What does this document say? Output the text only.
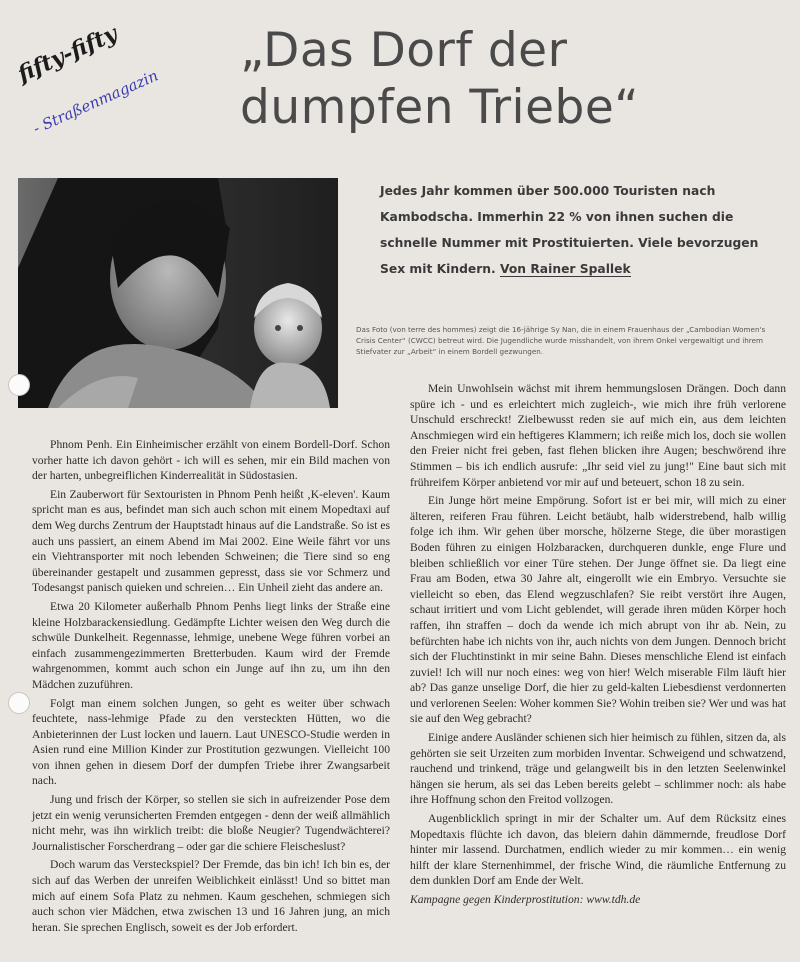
fifty-fifty
- Straßenmagazin
„Das Dorf der
dumpfen Triebe“
Jedes Jahr kommen über 500.000 Touristen nach Kambodscha. Immerhin 22 % von ihnen suchen die schnelle Nummer mit Prostituierten. Viele bevorzugen Sex mit Kindern. Von Rainer Spallek
Das Foto (von terre des hommes) zeigt die 16-jährige Sy Nan, die in einem Frauenhaus der „Cambodian Women's Crisis Center“ (CWCC) betreut wird. Die Jugendliche wurde misshandelt, von ihrem Onkel vergewaltigt und ihrem Stiefvater zur „Arbeit“ in einem Bordell gezwungen.

Phnom Penh. Ein Einheimischer erzählt von einem Bordell-Dorf. Schon vorher hatte ich davon gehört - ich will es sehen, mir ein Bild machen von der harten, unbegreiflichen Kinderrealität in Südostasien.

Ein Zauberwort für Sextouristen in Phnom Penh heißt ‚K-eleven'. Kaum spricht man es aus, befindet man sich auch schon mit einem Mopedtaxi auf dem Weg durchs Zentrum der Hauptstadt hinaus auf die Landstraße. So ist es auch uns passiert, an einem Abend im Mai 2002. Eine Weile fährt vor uns ein Viehtransporter mit noch lebenden Schweinen; die Tiere sind so eng übereinander gestapelt und zusammen gepresst, dass sie vor Schmerz und Todesangst panisch quieken und schreien… Ein Unheil zieht das andere an.

Etwa 20 Kilometer außerhalb Phnom Penhs liegt links der Straße eine kleine Holzbarackensiedlung. Gedämpfte Lichter weisen den Weg durch die schwüle Dunkelheit. Regennasse, lehmige, unebene Wege führen vorbei an einfach zusammengezimmerten Bretterbuden. Kaum wird der Fremde wahrgenommen, kommt auch schon ein Junge auf ihn zu, um ihn den Mädchen zuzuführen.

Folgt man einem solchen Jungen, so geht es weiter über schwach feuchtete, nass-lehmige Pfade zu den versteckten Hütten, wo die Anbieterinnen der Lust locken und lauern. Laut UNESCO-Studie werden in Asien rund eine Million Kinder zur Prostitution gezwungen. Vielleicht 100 von ihnen gehen in diesem Dorf der dumpfen Triebe ihrer Zwangsarbeit nach.

Jung und frisch der Körper, so stellen sie sich in aufreizender Pose dem jetzt ein wenig verunsicherten Fremden entgegen - denn der weiß allmählich nicht mehr, was ihn wirklich treibt: die bloße Neugier? Tugendwächterei? Journalistischer Forscherdrang – oder gar die schiere Fleischeslust?

Doch warum das Versteckspiel? Der Fremde, das bin ich! Ich bin es, der sich auf das Werben der unreifen Weiblichkeit einlässt! Und so bittet man mich auf einem Sofa Platz zu nehmen. Kaum geschehen, schmiegen sich auch schon vier Mädchen, etwa zwischen 13 und 16 Jahren jung, an mich heran. Sie sprechen Englisch, soweit es der Job erfordert.

Mein Unwohlsein wächst mit ihrem hemmungslosen Drängen. Doch dann spüre ich - und es erleichtert mich zugleich-, wie mich ihre früh verlorene Unschuld erschreckt! Zielbewusst reden sie auf mich ein, aus dem leichten Anschmiegen wird ein heftigeres Klammern; ich reiße mich los, doch sie wollen den Freier nicht frei geben, fast flehen blicken ihre Augen; beschwörend ihre Stimmen – bis ich endlich ausrufe: „Ihr seid viel zu jung!" Eine baut sich mit frühreifem Körper anbietend vor mir auf und beteuert, schon 18 zu sein.

Ein Junge hört meine Empörung. Sofort ist er bei mir, will mich zu einer älteren, reiferen Frau führen. Leicht betäubt, halb widerstrebend, halb willig folge ich ihm. Wir gehen über morsche, hölzerne Stege, die über morastigen Boden führen zu einigen Holzbaracken, durchqueren dunkle, enge Flure und bleiben schließlich vor einer Türe stehen. Der Junge öffnet sie. Da liegt eine Frau am Boden, etwa 30 Jahre alt, eingerollt wie ein Embryo. Versuchte sie vielleicht so eben, das Elend wegzuschlafen? Sie reibt verstört ihre Augen, schaut irritiert und vom Licht geblendet, will gerade ihren müden Körper hoch raffen, ihn straffen – doch da wende ich mich abrupt von ihr ab. Nein, zu befürchten habe ich nichts von ihr, auch nichts von dem Jungen. Dennoch bricht sich der Fluchtinstinkt in mir seine Bahn. Dieses menschliche Elend ist einfach zuviel! Ich will nur noch eines: weg von hier! Welch miserable Film läuft hier ab? Das ganze unselige Dorf, die hier zu geld-kalten Liebesdienst verdonnerten und verlorenen Seelen: Woher kommen Sie? Wohin treiben sie? Wer und was hat sie auf den Weg gebracht?

Einige andere Ausländer schienen sich hier heimisch zu fühlen, sitzen da, als gehörten sie seit Urzeiten zum morbiden Inventar. Schweigend und schwatzend, rauchend und trinkend, träge und gelangweilt bis in den letzten Seelenwinkel hängen sie herum, als sei das Leben bereits gelebt – schlimmer noch: als habe ihre Hoffnung schon den Freitod vollzogen.

Augenblicklich springt in mir der Schalter um. Auf dem Rücksitz eines Mopedtaxis flüchte ich davon, das bleiern dahin dämmernde, freudlose Dorf hinter mir lassend. Durchatmen, endlich wieder zu mir kommen… ein wenig hilft der klare Sternenhimmel, der frische Wind, die räumliche Entfernung zu dem dunklen Dorf am Ende der Welt.

Kampagne gegen Kinderprostitution: www.tdh.de
